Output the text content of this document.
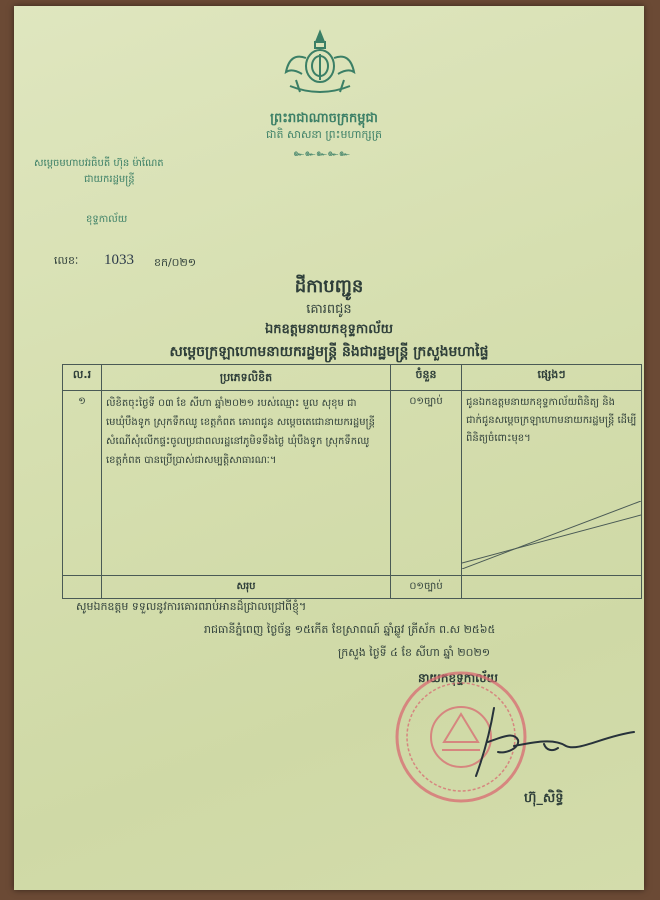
ព្រះរាជាណាចក្រកម្ពុជា
ជាតិ សាសនា ព្រះមហាក្សត្រ
๛๛๛๛๛
សម្តេចមហាបវរធិបតី ហ៊ុន ម៉ាណែត
ជាយករដ្ឋមន្ត្រី
ខុទ្ទកាល័យ
លេខៈ 1033 ខក/០២១
ដីកាបញ្ជូន
គោរពជូន
ឯកឧត្តមនាយកខុទ្ទកាល័យ
សម្តេចក្រឡាហោមនាយករដ្ឋមន្ត្រី និងជារដ្ឋមន្ត្រី ក្រសួងមហាផ្ទៃ
ល.រ	ប្រភេទលិខិត	ចំនួន	ផ្សេងៗ
១	លិខិតចុះថ្ងៃទី ០៣ ខែ សីហា ឆ្នាំ២០២១ របស់ឈ្មោះ មួល សុខុម ជាមេឃុំបឹងទូក ស្រុកទឹកឈូ ខេត្តកំពត គោរពជូន សម្តេចតេជោនាយករដ្ឋមន្ត្រី សំណើសុំលើកផ្ទះចូលប្រជាពលរដ្ឋនៅភូមិទទឹងថ្ងៃ ឃុំបឹងទូក ស្រុកទឹកឈូ ខេត្តកំពត បានប្រើប្រាស់ជាសម្បត្តិសាធារណៈ។	០១ច្បាប់	ជូនឯកឧត្តមនាយកខុទ្ទកាល័យពិនិត្យ និងជាក់ជូនសម្តេចក្រឡាហោមនាយករដ្ឋមន្ត្រី ដើម្បីពិនិត្យចំពោះមុខ។

	សរុប	០១ច្បាប់	
សូមឯកឧត្តម ទទួលនូវការគោរពរាប់អានដ៏ជ្រាលជ្រៅពីខ្ញុំ។
រាជធានីភ្នំពេញ ថ្ងៃច័ន្ទ ១៥កើត ខែស្រាពណ៍ ឆ្នាំឆ្លូវ ត្រីស័ក ព.ស ២៥៦៥
ក្រសួង ថ្ងៃទី ៤ ខែ សីហា ឆ្នាំ ២០២១
នាយកខុទ្ទកាល័យ
ហ៊ុ_សិទ្ធិ
